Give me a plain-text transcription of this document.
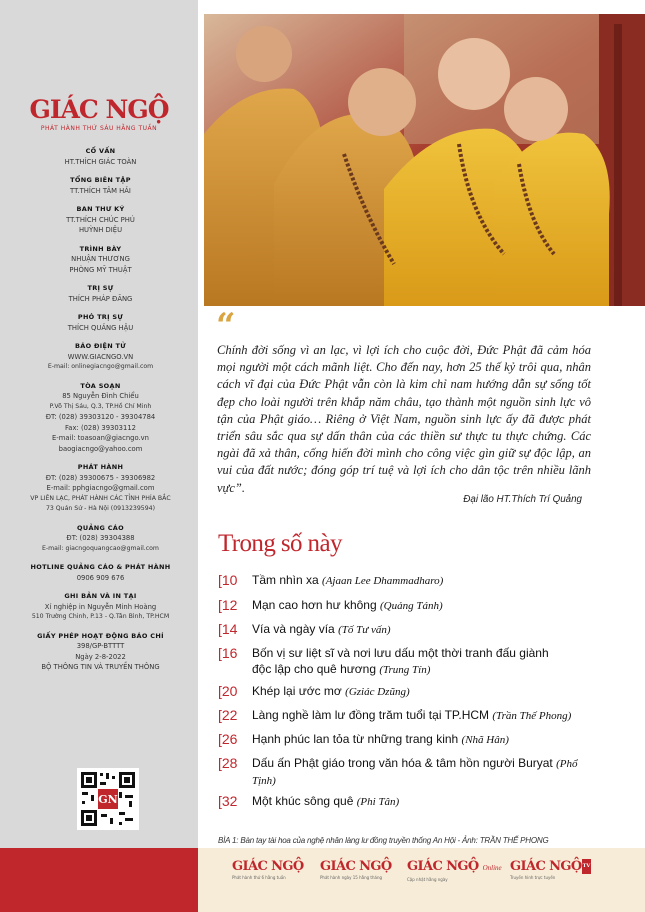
GIÁC NGỘ
PHÁT HÀNH THỨ SÁU HẰNG TUẦN
CỐ VẤN
HT.THÍCH GIÁC TOÀN
TỔNG BIÊN TẬP
TT.THÍCH TÂM HẢI
BAN THƯ KÝ
TT.THÍCH CHÚC PHÚ
HUỲNH DIỆU
TRÌNH BÀY
NHUẬN THƯƠNG
PHÒNG MỸ THUẬT
TRỊ SỰ
THÍCH PHÁP ĐĂNG
PHÓ TRỊ SỰ
THÍCH QUẢNG HẬU
BÁO ĐIỆN TỬ
WWW.GIACNGO.VN
E-mail: onlinegiacngo@gmail.com
TÒA SOẠN
85 Nguyễn Đình Chiểu
P.Võ Thị Sáu, Q.3, TP.Hồ Chí Minh
ĐT: (028) 39303120 - 39304784
Fax: (028) 39303112
E-mail: toasoan@giacngo.vn
baogiacngo@yahoo.com
PHÁT HÀNH
ĐT: (028) 39300675 - 39306982
E-mail: pphgiacngo@gmail.com
VP LIÊN LẠC, PHÁT HÀNH CÁC TỈNH PHÍA BẮC
73 Quán Sứ - Hà Nội (0913239594)
QUẢNG CÁO
ĐT: (028) 39304388
E-mail: giacngoquangcao@gmail.com
HOTLINE QUẢNG CÁO & PHÁT HÀNH
0906 909 676
GHI BẢN VÀ IN TẠI
Xí nghiệp in Nguyễn Minh Hoàng
510 Trường Chinh, P.13 - Q.Tân Bình, TP.HCM
GIẤY PHÉP HOẠT ĐỘNG BÁO CHÍ
398/GP-BTTTT
Ngày 2-8-2022
BỘ THÔNG TIN VÀ TRUYỀN THÔNG
GN
“
Chính đời sống vì an lạc, vì lợi ích cho cuộc đời, Đức Phật đã cảm hóa mọi người một cách mãnh liệt. Cho đến nay, hơn 25 thế kỷ trôi qua, nhân cách vĩ đại của Đức Phật vẫn còn là kim chỉ nam hướng dẫn sự sống tốt đẹp cho loài người trên khắp năm châu, tạo thành một nguồn sinh lực vô tận của Phật giáo… Riêng ở Việt Nam, nguồn sinh lực ấy đã được phát triển sâu sắc qua sự dấn thân của các thiền sư thực tu thực chứng. Các ngài đã xả thân, cống hiến đời mình cho công việc gìn giữ sự độc lập, an vui của đất nước; đóng góp trí tuệ và lợi ích cho dân tộc trên nhiều lãnh vực”.
Đại lão HT.Thích Trí Quảng
Trong số này
[10 Tầm nhìn xa (Ajaan Lee Dhammadharo)
[12 Mạn cao hơn hư không (Quảng Tánh)
[14 Vía và ngày vía (Tố Tư vấn)
[16 Bốn vị sư liệt sĩ và nơi lưu dấu một thời tranh đấu giành độc lập cho quê hương (Trung Tín)
[20 Khép lại ước mơ (Gziác Dzũng)
[22 Làng nghề làm lư đồng trăm tuổi tại TP.HCM (Trần Thế Phong)
[26 Hạnh phúc lan tỏa từ những trang kinh (Nhã Hân)
[28 Dấu ấn Phật giáo trong văn hóa & tâm hồn người Buryat (Phổ Tịnh)
[32 Một khúc sông quê (Phi Tân)
BÌA 1: Bàn tay tài hoa của nghệ nhân làng lư đồng truyền thống An Hội - Ảnh: TRẦN THẾ PHONG
GIÁC NGỘ
Phát hành thứ 6 hằng tuần
GIÁC NGỘ
Phát hành ngày 15 hằng tháng
GIÁC NGỘ Online
Cập nhật hằng ngày
GIÁC NGỘTV
Truyền hình trực tuyến
